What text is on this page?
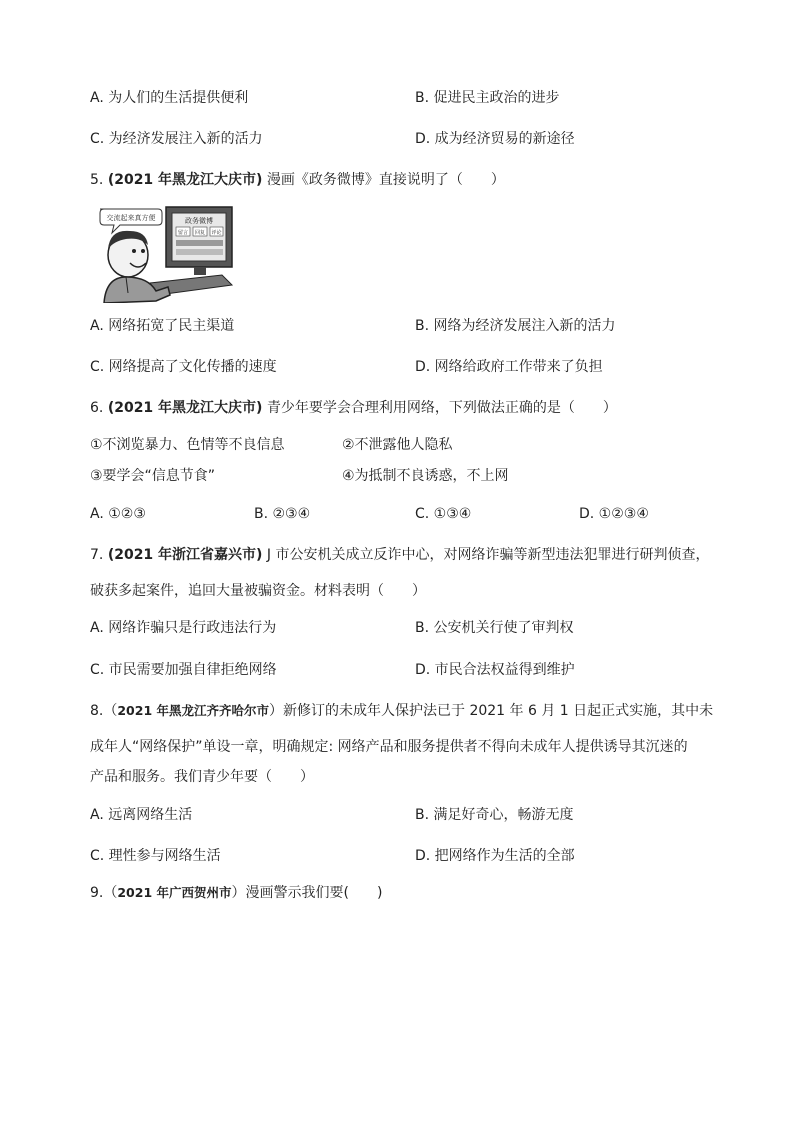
A. 为人们的生活提供便利	B. 促进民主政治的进步
C. 为经济发展注入新的活力	D. 成为经济贸易的新途径
5. (2021 年黑龙江大庆市) 漫画《政务微博》直接说明了（　　）
交流起来真方便	政务微博
留言 回复 评论
A. 网络拓宽了民主渠道	B. 网络为经济发展注入新的活力
C. 网络提高了文化传播的速度	D. 网络给政府工作带来了负担
6. (2021 年黑龙江大庆市) 青少年要学会合理利用网络，下列做法正确的是（　　）
①不浏览暴力、色情等不良信息	②不泄露他人隐私
③要学会“信息节食”	④为抵制不良诱惑，不上网
A. ①②③	B. ②③④	C. ①③④	D. ①②③④
7. (2021 年浙江省嘉兴市) J 市公安机关成立反诈中心，对网络诈骗等新型违法犯罪进行研判侦查，
破获多起案件，追回大量被骗资金。材料表明（　　）
A. 网络诈骗只是行政违法行为	B. 公安机关行使了审判权
C. 市民需要加强自律拒绝网络	D. 市民合法权益得到维护
8.（2021 年黑龙江齐齐哈尔市）新修订的未成年人保护法已于 2021 年 6 月 1 日起正式实施，其中未
成年人“网络保护”单设一章，明确规定: 网络产品和服务提供者不得向未成年人提供诱导其沉迷的
产品和服务。我们青少年要（　　）
A. 远离网络生活	B. 满足好奇心，畅游无度
C. 理性参与网络生活	D. 把网络作为生活的全部
9.（2021 年广西贺州市）漫画警示我们要(　　)
